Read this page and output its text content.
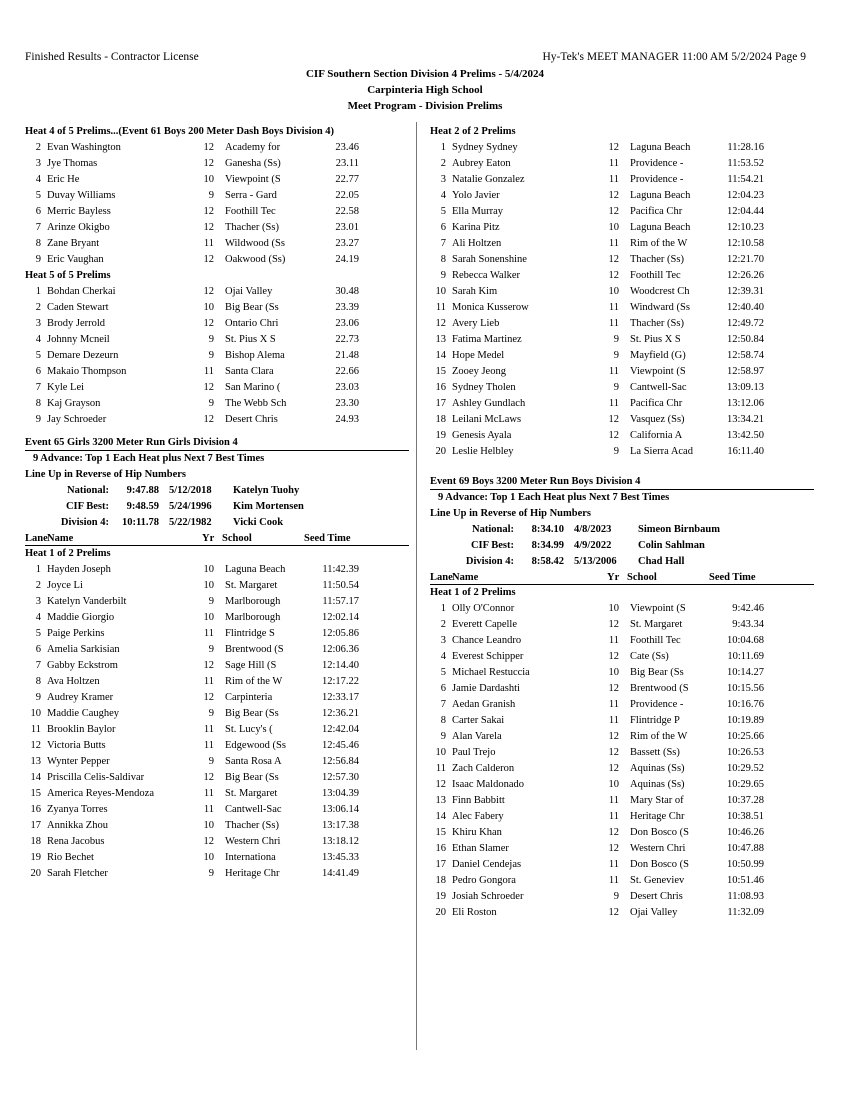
Finished Results - Contractor License	Hy-Tek's MEET MANAGER 11:00 AM 5/2/2024 Page 9
CIF Southern Section Division 4 Prelims - 5/4/2024
Carpinteria High School
Meet Program - Division Prelims
Heat 4 of 5 Prelims...(Event 61 Boys 200 Meter Dash Boys Division 4)
2 Evan Washington	12 Academy for	23.46
3 Jye Thomas	12 Ganesha (Ss)	23.11
4 Eric He	10 Viewpoint (S	22.77
5 Duvay Williams	9 Serra - Gard	22.05
6 Merric Bayless	12 Foothill Tec	22.58
7 Arinze Okigbo	12 Thacher (Ss)	23.01
8 Zane Bryant	11 Wildwood (Ss	23.27
9 Eric Vaughan	12 Oakwood (Ss)	24.19
Heat 5 of 5 Prelims
1 Bohdan Cherkai	12 Ojai Valley	30.48
2 Caden Stewart	10 Big Bear (Ss	23.39
3 Brody Jerrold	12 Ontario Chri	23.06
4 Johnny Mcneil	9 St. Pius X S	22.73
5 Demare Dezeurn	9 Bishop Alema	21.48
6 Makaio Thompson	11 Santa Clara	22.66
7 Kyle Lei	12 San Marino (	23.03
8 Kaj Grayson	9 The Webb Sch	23.30
9 Jay Schroeder	12 Desert Chris	24.93
Event 65 Girls 3200 Meter Run Girls Division 4
9 Advance: Top 1 Each Heat plus Next 7 Best Times
Line Up in Reverse of Hip Numbers
National: 9:47.88 5/12/2018 Katelyn Tuohy
CIF Best: 9:48.59 5/24/1996 Kim Mortensen
Division 4: 10:11.78 5/22/1982 Vicki Cook
Lane Name	Yr School	Seed Time
Heat 1 of 2 Prelims
1 Hayden Joseph	10 Laguna Beach	11:42.39
2 Joyce Li	10 St. Margaret	11:50.54
3 Katelyn Vanderbilt	9 Marlborough	11:57.17
4 Maddie Giorgio	10 Marlborough	12:02.14
5 Paige Perkins	11 Flintridge S	12:05.86
6 Amelia Sarkisian	9 Brentwood (S	12:06.36
7 Gabby Eckstrom	12 Sage Hill (S	12:14.40
8 Ava Holtzen	11 Rim of the W	12:17.22
9 Audrey Kramer	12 Carpinteria	12:33.17
10 Maddie Caughey	9 Big Bear (Ss	12:36.21
11 Brooklin Baylor	11 St. Lucy's (	12:42.04
12 Victoria Butts	11 Edgewood (Ss	12:45.46
13 Wynter Pepper	9 Santa Rosa A	12:56.84
14 Priscilla Celis-Saldivar	12 Big Bear (Ss	12:57.30
15 America Reyes-Mendoza	11 St. Margaret	13:04.39
16 Zyanya Torres	11 Cantwell-Sac	13:06.14
17 Annikka Zhou	10 Thacher (Ss)	13:17.38
18 Rena Jacobus	12 Western Chri	13:18.12
19 Rio Bechet	10 Internationa	13:45.33
20 Sarah Fletcher	9 Heritage Chr	14:41.49
Heat 2 of 2 Prelims
1 Sydney Sydney	12 Laguna Beach	11:28.16
2 Aubrey Eaton	11 Providence -	11:53.52
3 Natalie Gonzalez	11 Providence -	11:54.21
4 Yolo Javier	12 Laguna Beach	12:04.23
5 Ella Murray	12 Pacifica Chr	12:04.44
6 Karina Pitz	10 Laguna Beach	12:10.23
7 Ali Holtzen	11 Rim of the W	12:10.58
8 Sarah Sonenshine	12 Thacher (Ss)	12:21.70
9 Rebecca Walker	12 Foothill Tec	12:26.26
10 Sarah Kim	10 Woodcrest Ch	12:39.31
11 Monica Kusserow	11 Windward (Ss	12:40.40
12 Avery Lieb	11 Thacher (Ss)	12:49.72
13 Fatima Martinez	9 St. Pius X S	12:50.84
14 Hope Medel	9 Mayfield (G)	12:58.74
15 Zooey Jeong	11 Viewpoint (S	12:58.97
16 Sydney Tholen	9 Cantwell-Sac	13:09.13
17 Ashley Gundlach	11 Pacifica Chr	13:12.06
18 Leilani McLaws	12 Vasquez (Ss)	13:34.21
19 Genesis Ayala	12 California A	13:42.50
20 Leslie Helbley	9 La Sierra Acad	16:11.40
Event 69 Boys 3200 Meter Run Boys Division 4
9 Advance: Top 1 Each Heat plus Next 7 Best Times
Line Up in Reverse of Hip Numbers
National: 8:34.10 4/8/2023	Simeon Birnbaum
CIF Best: 8:34.99 4/9/2022	Colin Sahlman
Division 4: 8:58.42 5/13/2006 Chad Hall
Lane Name	Yr School	Seed Time
Heat 1 of 2 Prelims
1 Olly O'Connor	10 Viewpoint (S	9:42.46
2 Everett Capelle	12 St. Margaret	9:43.34
3 Chance Leandro	11 Foothill Tec	10:04.68
4 Everest Schipper	12 Cate (Ss)	10:11.69
5 Michael Restuccia	10 Big Bear (Ss	10:14.27
6 Jamie Dardashti	12 Brentwood (S	10:15.56
7 Aedan Granish	11 Providence -	10:16.76
8 Carter Sakai	11 Flintridge P	10:19.89
9 Alan Varela	12 Rim of the W	10:25.66
10 Paul Trejo	12 Bassett (Ss)	10:26.53
11 Zach Calderon	12 Aquinas (Ss)	10:29.52
12 Isaac Maldonado	10 Aquinas (Ss)	10:29.65
13 Finn Babbitt	11 Mary Star of	10:37.28
14 Alec Fabery	11 Heritage Chr	10:38.51
15 Khiru Khan	12 Don Bosco (S	10:46.26
16 Ethan Slamer	12 Western Chri	10:47.88
17 Daniel Cendejas	11 Don Bosco (S	10:50.99
18 Pedro Gongora	11 St. Geneviev	10:51.46
19 Josiah Schroeder	9 Desert Chris	11:08.93
20 Eli Roston	12 Ojai Valley	11:32.09
